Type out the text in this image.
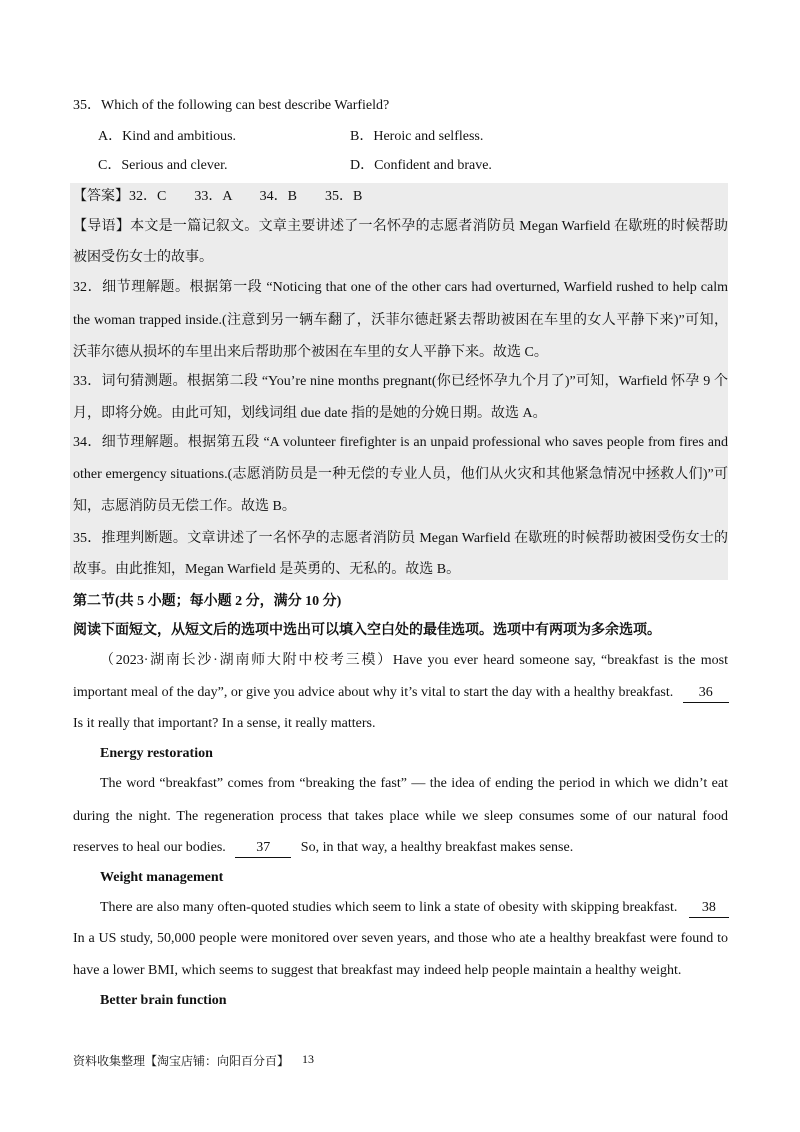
35．Which of the following can best describe Warfield?
A．Kind and ambitious.	B．Heroic and selfless.
C．Serious and clever.	D．Confident and brave.
【答案】32．C　　33．A　　34．B　　35．B
【导语】本文是一篇记叙文。文章主要讲述了一名怀孕的志愿者消防员 Megan Warfield 在歇班的时候帮助
被困受伤女士的故事。
32．细节理解题。根据第一段 “Noticing that one of the other cars had overturned, Warfield rushed to help calm
the woman trapped inside.(注意到另一辆车翻了，沃菲尔德赶紧去帮助被困在车里的女人平静下来)”可知，
沃菲尔德从损坏的车里出来后帮助那个被困在车里的女人平静下来。故选 C。
33．词句猜测题。根据第二段 “You’re nine months pregnant(你已经怀孕九个月了)”可知，Warfield 怀孕 9 个
月，即将分娩。由此可知，划线词组 due date 指的是她的分娩日期。故选 A。
34．细节理解题。根据第五段 “A volunteer firefighter is an unpaid professional who saves people from fires and
other emergency situations.(志愿消防员是一种无偿的专业人员，他们从火灾和其他紧急情况中拯救人们)”可
知，志愿消防员无偿工作。故选 B。
35．推理判断题。文章讲述了一名怀孕的志愿者消防员 Megan Warfield 在歇班的时候帮助被困受伤女士的
故事。由此推知，Megan Warfield 是英勇的、无私的。故选 B。
第二节(共 5 小题；每小题 2 分，满分 10 分)
阅读下面短文，从短文后的选项中选出可以填入空白处的最佳选项。选项中有两项为多余选项。
（2023·湖南长沙·湖南师大附中校考三模）Have you ever heard someone say, “breakfast is the most
important meal of the day”, or give you advice about why it’s vital to start the day with a healthy breakfast. 36
Is it really that important? In a sense, it really matters.
Energy restoration
The word “breakfast” comes from “breaking the fast” — the idea of ending the period in which we didn’t eat
during the night. The regeneration process that takes place while we sleep consumes some of our natural food
reserves to heal our bodies. 37 So, in that way, a healthy breakfast makes sense.
Weight management
There are also many often-quoted studies which seem to link a state of obesity with skipping breakfast. 38
In a US study, 50,000 people were monitored over seven years, and those who ate a healthy breakfast were found to
have a lower BMI, which seems to suggest that breakfast may indeed help people maintain a healthy weight.
Better brain function
资料收集整理【淘宝店铺：向阳百分百】 13
